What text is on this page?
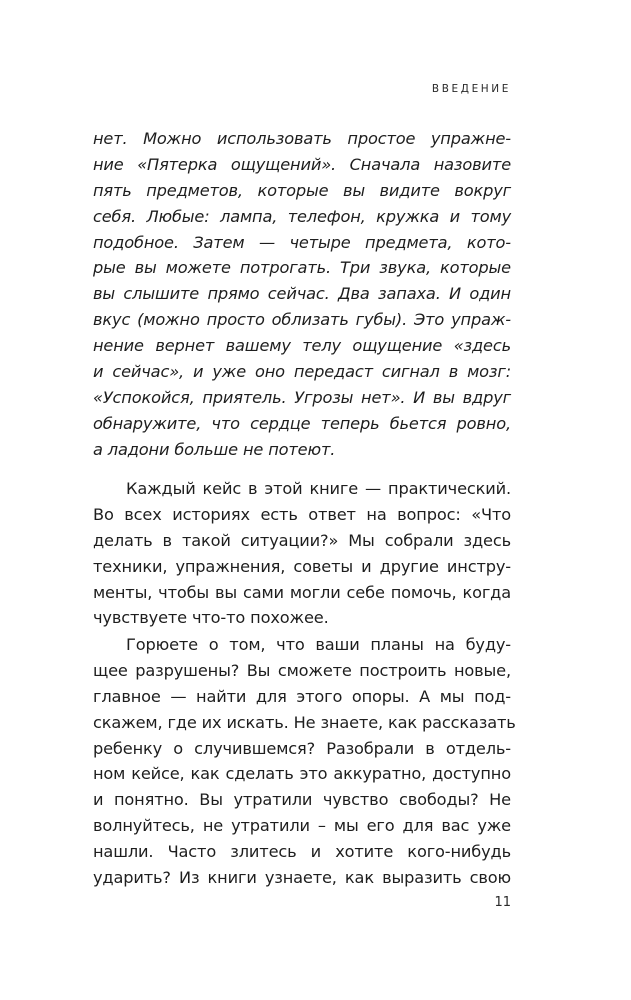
ВВЕДЕНИЕ
нет. Можно использовать простое упражне-
ние «Пятерка ощущений». Сначала назовите
пять предметов, которые вы видите вокруг
себя. Любые: лампа, телефон, кружка и тому
подобное. Затем — четыре предмета, кото-
рые вы можете потрогать. Три звука, которые
вы слышите прямо сейчас. Два запаха. И один
вкус (можно просто облизать губы). Это упраж-
нение вернет вашему телу ощущение «здесь
и сейчас», и уже оно передаст сигнал в мозг:
«Успокойся, приятель. Угрозы нет». И вы вдруг
обнаружите, что сердце теперь бьется ровно,
а ладони больше не потеют.
Каждый кейс в этой книге — практический.
Во всех историях есть ответ на вопрос: «Что
делать в такой ситуации?» Мы собрали здесь
техники, упражнения, советы и другие инстру-
менты, чтобы вы сами могли себе помочь, когда
чувствуете что-то похожее.
Горюете о том, что ваши планы на буду-
щее разрушены? Вы сможете построить новые,
главное — найти для этого опоры. А мы под-
скажем, где их искать. Не знаете, как рассказать
ребенку о случившемся? Разобрали в отдель-
ном кейсе, как сделать это аккуратно, доступно
и понятно. Вы утратили чувство свободы? Не
волнуйтесь, не утратили – мы его для вас уже
нашли. Часто злитесь и хотите кого-нибудь
ударить? Из книги узнаете, как выразить свою
11
